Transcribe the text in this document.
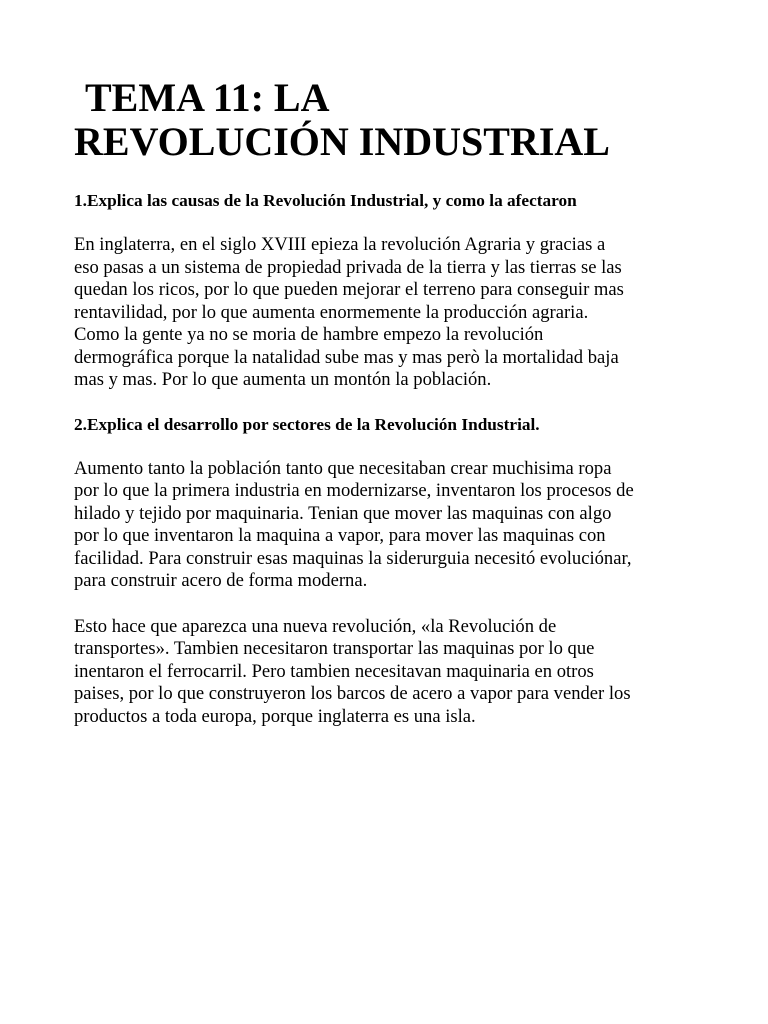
TEMA 11: LA
REVOLUCIÓN INDUSTRIAL
1.Explica las causas de la Revolución Industrial, y como la afectaron

En inglaterra, en el siglo XVIII epieza la revolución Agraria y gracias a
eso pasas a un sistema de propiedad privada de la tierra y las tierras se las
quedan los ricos, por lo que pueden mejorar el terreno para conseguir mas
rentavilidad, por lo que aumenta enormemente la producción agraria.
Como la gente ya no se moria de hambre empezo la revolución
dermográfica porque la natalidad sube mas y mas però la mortalidad baja
mas y mas. Por lo que aumenta un montón la población.

2.Explica el desarrollo por sectores de la Revolución Industrial.

Aumento tanto la población tanto que necesitaban crear muchisima ropa
por lo que la primera industria en modernizarse, inventaron los procesos de
hilado y tejido por maquinaria. Tenian que mover las maquinas con algo
por lo que inventaron la maquina a vapor, para mover las maquinas con
facilidad. Para construir esas maquinas la siderurguia necesitó evoluciónar,
para construir acero de forma moderna.

Esto hace que aparezca una nueva revolución, «la Revolución de
transportes». Tambien necesitaron transportar las maquinas por lo que
inentaron el ferrocarril. Pero tambien necesitavan maquinaria en otros
paises, por lo que construyeron los barcos de acero a vapor para vender los
productos a toda europa, porque inglaterra es una isla.
